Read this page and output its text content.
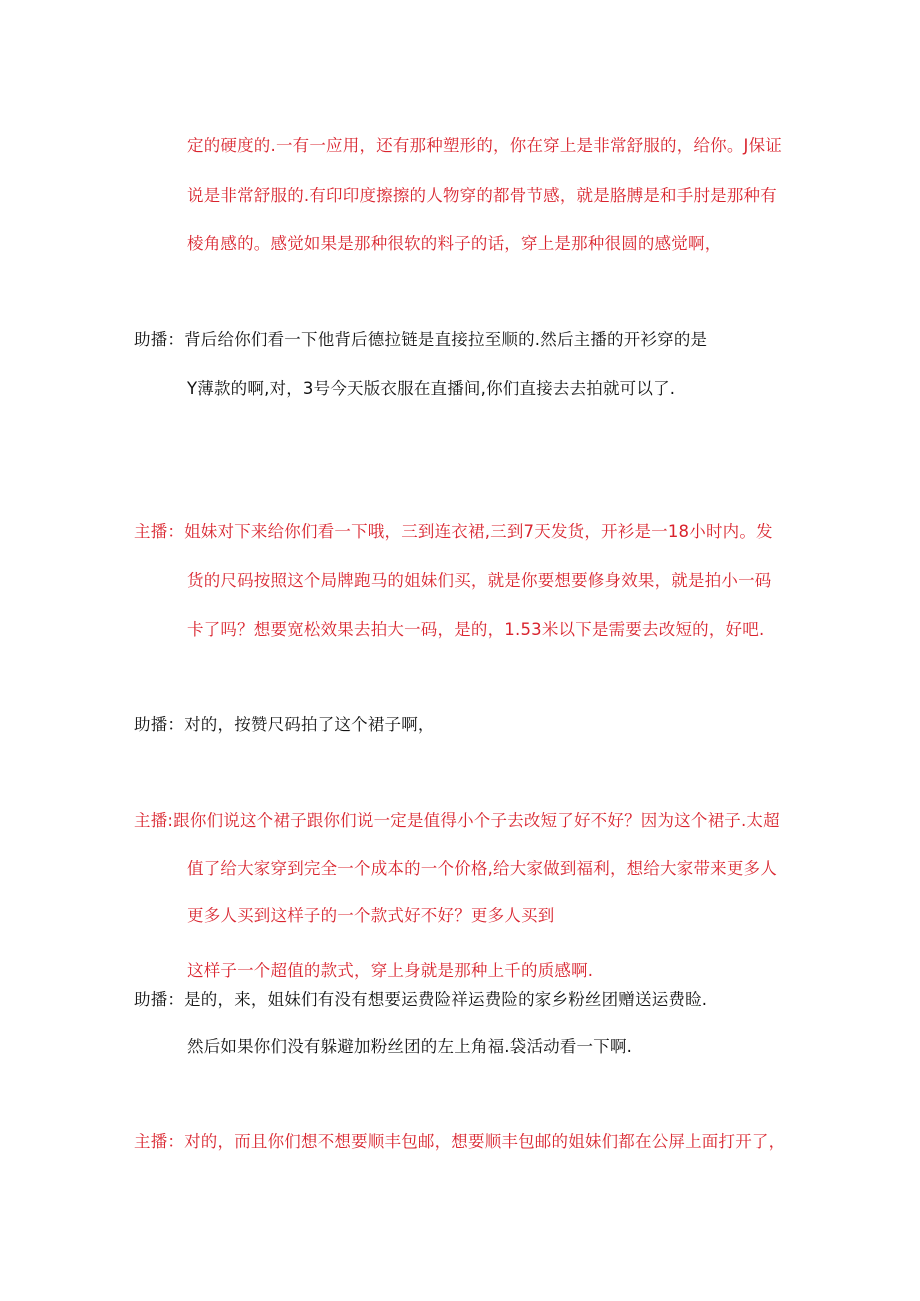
定的硬度的.一有一应用，还有那种塑形的，你在穿上是非常舒服的，给你。J保证

说是非常舒服的.有印印度擦擦的人物穿的都骨节感，就是胳膊是和手肘是那种有

棱角感的。感觉如果是那种很软的料子的话，穿上是那种很圆的感觉啊，

助播：背后给你们看一下他背后德拉链是直接拉至顺的.然后主播的开衫穿的是

Y薄款的啊,对，3号今天版衣服在直播间,你们直接去去拍就可以了.

主播：姐妹对下来给你们看一下哦，三到连衣裙,三到7天发货，开衫是一18小时内。发

货的尺码按照这个局牌跑马的姐妹们买，就是你要想要修身效果，就是拍小一码

卡了吗？想要宽松效果去拍大一码，是的，1.53米以下是需要去改短的，好吧.

助播：对的，按赞尺码拍了这个裙子啊，

主播:跟你们说这个裙子跟你们说一定是值得小个子去改短了好不好？因为这个裙子.太超

值了给大家穿到完全一个成本的一个价格,给大家做到福利，想给大家带来更多人

更多人买到这样子的一个款式好不好？更多人买到

这样子一个超值的款式，穿上身就是那种上千的质感啊.

助播：是的，来，姐妹们有没有想要运费险祥运费险的家乡粉丝团赠送运费睑.

然后如果你们没有躲避加粉丝团的左上角福.袋活动看一下啊.

主播：对的，而且你们想不想要顺丰包邮，想要顺丰包邮的姐妹们都在公屏上面打开了，
